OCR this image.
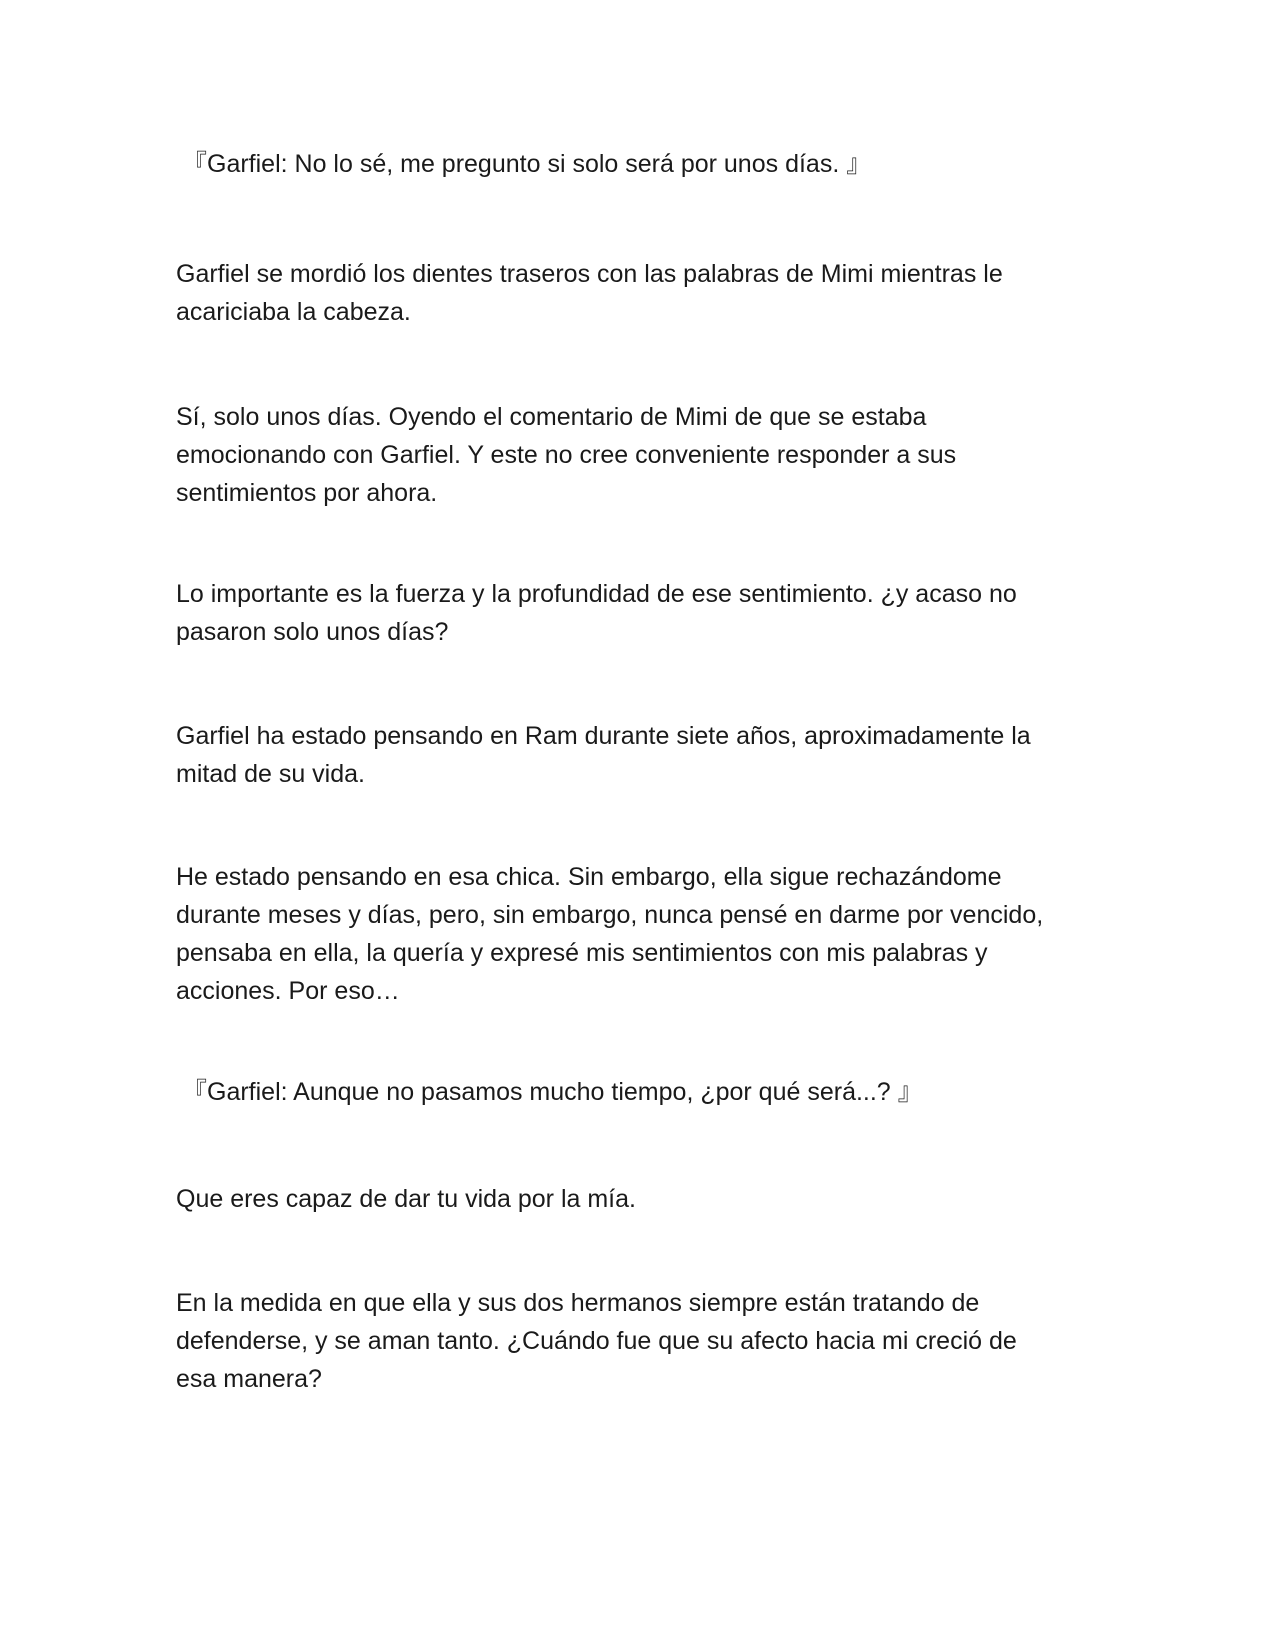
『Garfiel: No lo sé, me pregunto si solo será por unos días. 』

Garfiel se mordió los dientes traseros con las palabras de Mimi mientras le
acariciaba la cabeza.

Sí, solo unos días. Oyendo el comentario de Mimi de que se estaba
emocionando con Garfiel. Y este no cree conveniente responder a sus
sentimientos por ahora.

Lo importante es la fuerza y la profundidad de ese sentimiento. ¿y acaso no
pasaron solo unos días?

Garfiel ha estado pensando en Ram durante siete años, aproximadamente la
mitad de su vida.

He estado pensando en esa chica. Sin embargo, ella sigue rechazándome
durante meses y días, pero, sin embargo, nunca pensé en darme por vencido,
pensaba en ella, la quería y expresé mis sentimientos con mis palabras y
acciones. Por eso…

『Garfiel: Aunque no pasamos mucho tiempo, ¿por qué será...? 』

Que eres capaz de dar tu vida por la mía.

En la medida en que ella y sus dos hermanos siempre están tratando de
defenderse, y se aman tanto. ¿Cuándo fue que su afecto hacia mi creció de
esa manera?
